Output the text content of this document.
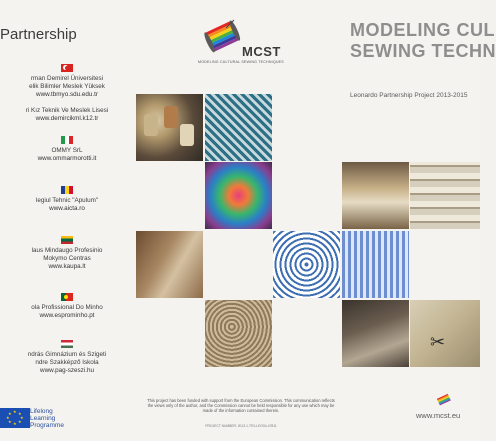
Partnership
rman Demirel Üniversitesi
elik Bilimler Meslek Yüksek
www.tbmyo.sdu.edu.tr
ri Kız Teknik Ve Meslek Lisesi
www.demircikml.k12.tr
OMMY SrL
www.ommarmorotti.it
legiul Tehnic "Apulum"
www.aicta.ro
laus Mindaugo Profesinio
Mokymo Centras
www.kaupa.lt
ola Profissional Do Minho
www.esprominho.pt
ndrás Gimnázium és Szigeti
ndre Szakképző Iskola
www.pag-szeszi.hu
★ ★
★
★
★
★
★
★	Lifelong
Learning
Programme
MCST
MODELING CULTURAL SEWING TECHNIQUES
This project has been funded with support from the European Commission. This communication reflects the views only of the author, and the Commission cannot be held responsible for any use which may be made of the information contained therein.
PROJECT NUMBER: 2013-1-TR1-LEO04-47811
MODELING CUL
SEWING TECHN
Leonardo Partnership Project 2013-2015
✂
www.mcst.eu
